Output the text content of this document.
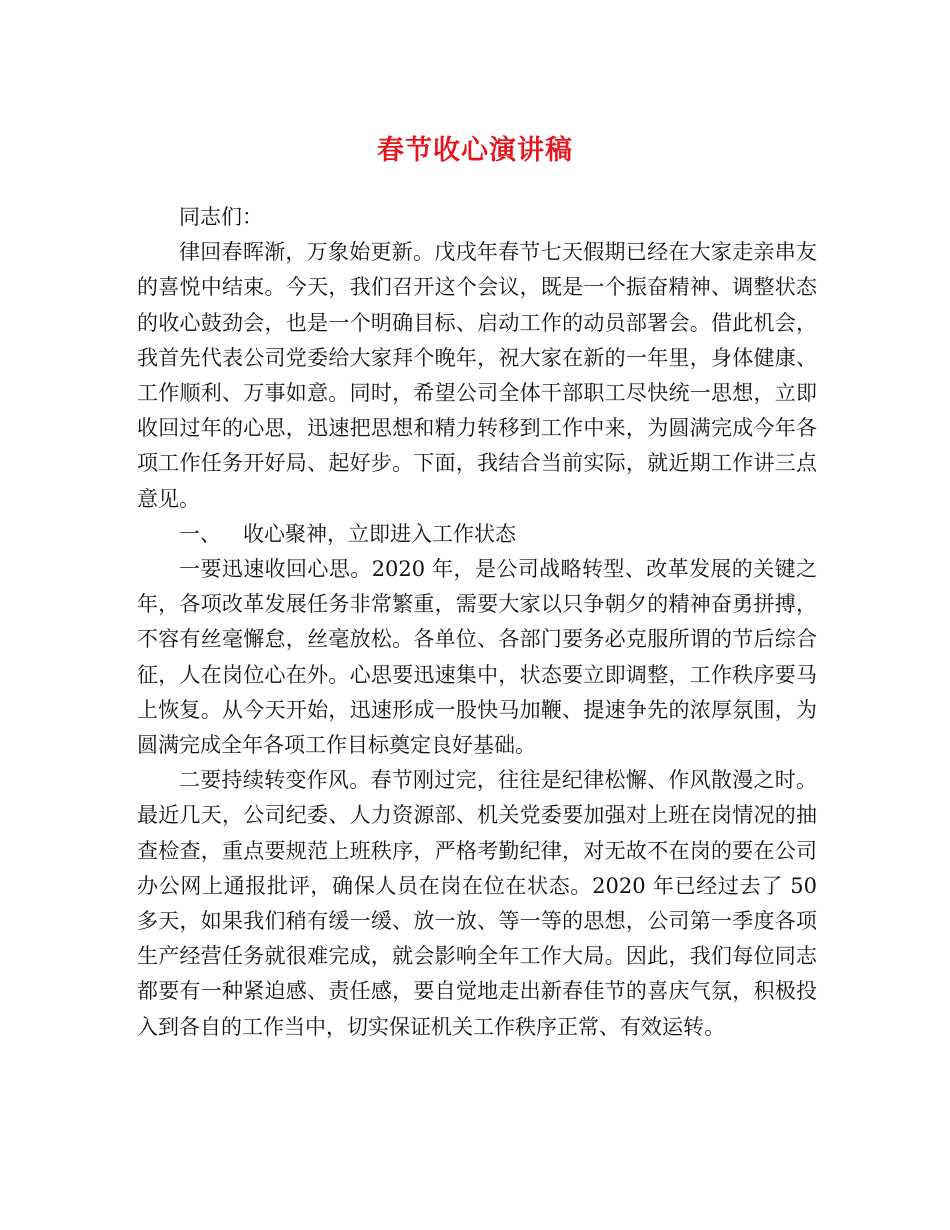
春节收心演讲稿

同志们：

律回春晖渐，万象始更新。戊戌年春节七天假期已经在大家走亲串友的喜悦中结束。今天，我们召开这个会议，既是一个振奋精神、调整状态的收心鼓劲会，也是一个明确目标、启动工作的动员部署会。借此机会，我首先代表公司党委给大家拜个晚年，祝大家在新的一年里，身体健康、工作顺利、万事如意。同时，希望公司全体干部职工尽快统一思想，立即收回过年的心思，迅速把思想和精力转移到工作中来，为圆满完成今年各项工作任务开好局、起好步。下面，我结合当前实际，就近期工作讲三点意见。

一、 收心聚神，立即进入工作状态

一要迅速收回心思。2020 年，是公司战略转型、改革发展的关键之年，各项改革发展任务非常繁重，需要大家以只争朝夕的精神奋勇拼搏，不容有丝毫懈怠，丝毫放松。各单位、各部门要务必克服所谓的节后综合征，人在岗位心在外。心思要迅速集中，状态要立即调整，工作秩序要马上恢复。从今天开始，迅速形成一股快马加鞭、提速争先的浓厚氛围，为圆满完成全年各项工作目标奠定良好基础。

二要持续转变作风。春节刚过完，往往是纪律松懈、作风散漫之时。最近几天，公司纪委、人力资源部、机关党委要加强对上班在岗情况的抽查检查，重点要规范上班秩序，严格考勤纪律，对无故不在岗的要在公司办公网上通报批评，确保人员在岗在位在状态。2020 年已经过去了 50 多天，如果我们稍有缓一缓、放一放、等一等的思想，公司第一季度各项生产经营任务就很难完成，就会影响全年工作大局。因此，我们每位同志都要有一种紧迫感、责任感，要自觉地走出新春佳节的喜庆气氛，积极投入到各自的工作当中，切实保证机关工作秩序正常、有效运转。
